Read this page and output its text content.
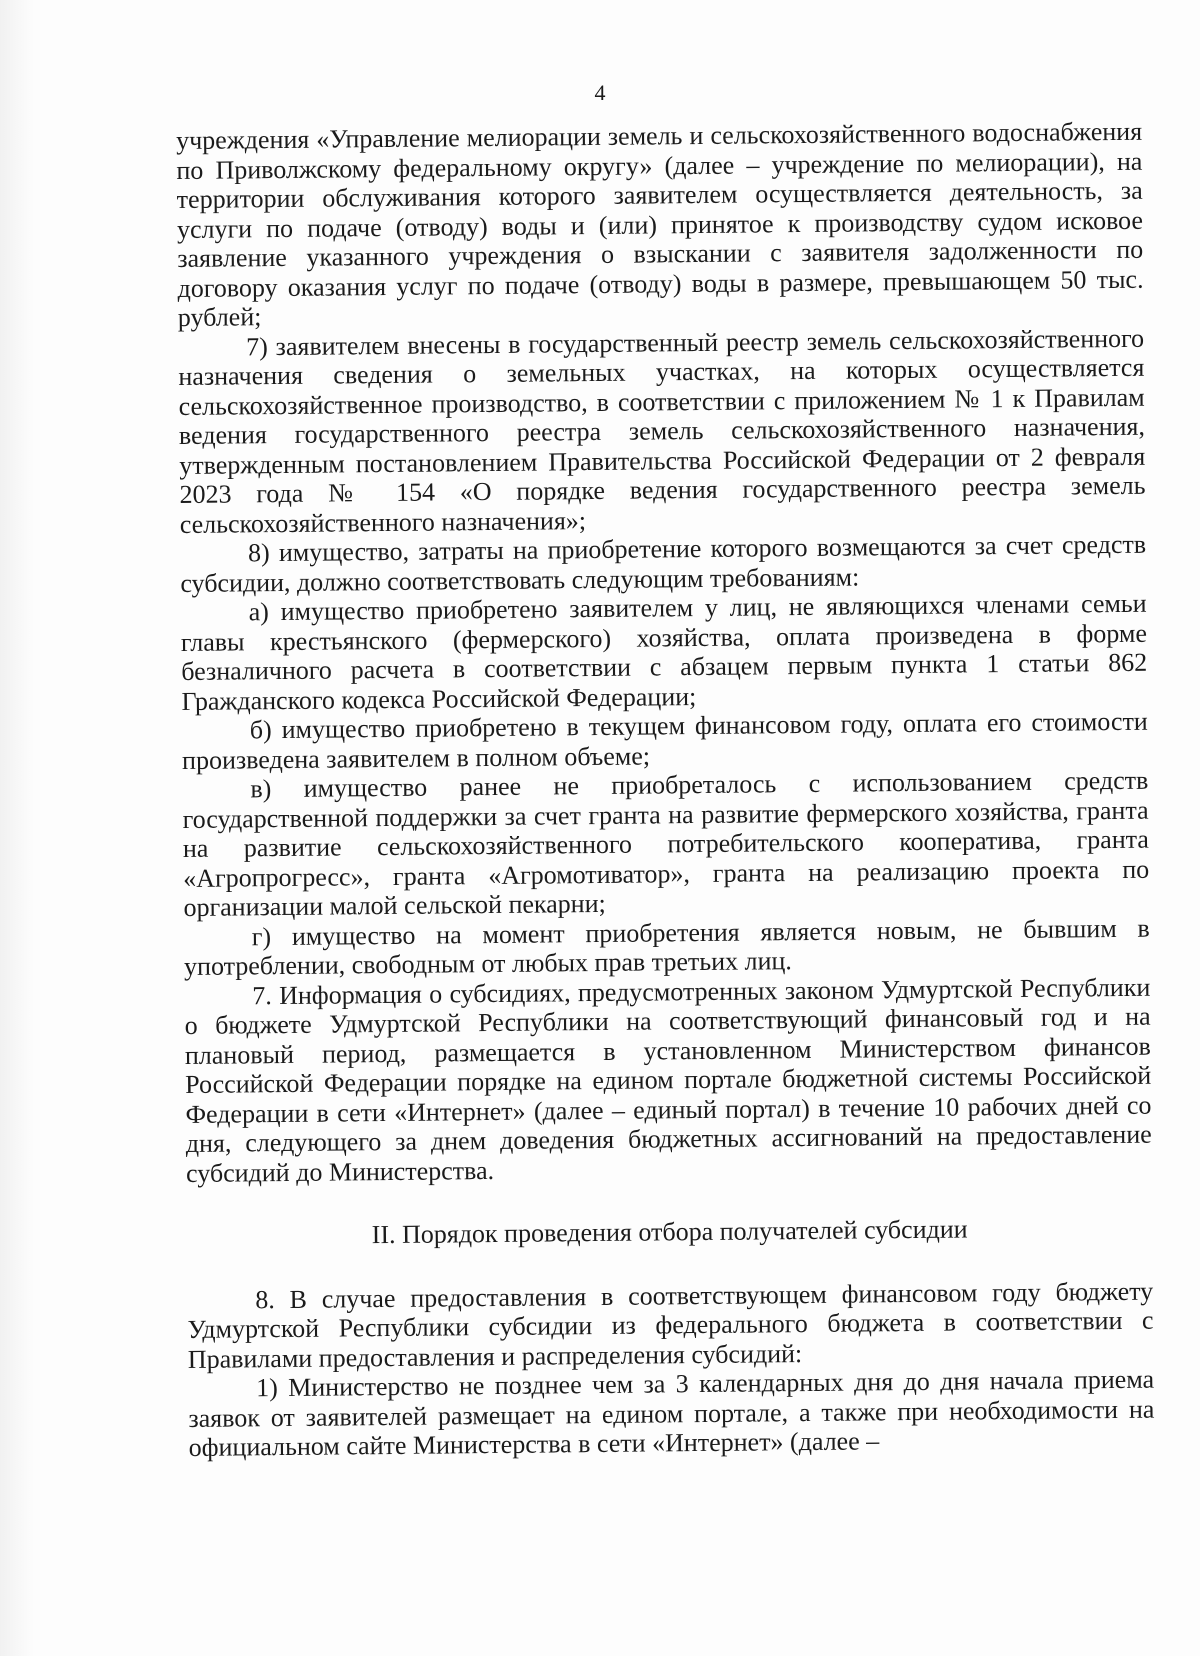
4

учреждения «Управление мелиорации земель и сельскохозяйственного водоснабжения по Приволжскому федеральному округу» (далее – учреждение по мелиорации), на территории обслуживания которого заявителем осуществляется деятельность, за услуги по подаче (отводу) воды и (или) принятое к производству судом исковое заявление указанного учреждения о взыскании с заявителя задолженности по договору оказания услуг по подаче (отводу) воды в размере, превышающем 50 тыс. рублей;

7) заявителем внесены в государственный реестр земель сельскохозяйственного назначения сведения о земельных участках, на которых осуществляется сельскохозяйственное производство, в соответствии с приложением № 1 к Правилам ведения государственного реестра земель сельскохозяйственного назначения, утвержденным постановлением Правительства Российской Федерации от 2 февраля 2023 года № 154 «О порядке ведения государственного реестра земель сельскохозяйственного назначения»;

8) имущество, затраты на приобретение которого возмещаются за счет средств субсидии, должно соответствовать следующим требованиям:

а) имущество приобретено заявителем у лиц, не являющихся членами семьи главы крестьянского (фермерского) хозяйства, оплата произведена в форме безналичного расчета в соответствии с абзацем первым пункта 1 статьи 862 Гражданского кодекса Российской Федерации;

б) имущество приобретено в текущем финансовом году, оплата его стоимости произведена заявителем в полном объеме;

в) имущество ранее не приобреталось с использованием средств государственной поддержки за счет гранта на развитие фермерского хозяйства, гранта на развитие сельскохозяйственного потребительского кооператива, гранта «Агропрогресс», гранта «Агромотиватор», гранта на реализацию проекта по организации малой сельской пекарни;

г) имущество на момент приобретения является новым, не бывшим в употреблении, свободным от любых прав третьих лиц.

7. Информация о субсидиях, предусмотренных законом Удмуртской Республики о бюджете Удмуртской Республики на соответствующий финансовый год и на плановый период, размещается в установленном Министерством финансов Российской Федерации порядке на едином портале бюджетной системы Российской Федерации в сети «Интернет» (далее – единый портал) в течение 10 рабочих дней со дня, следующего за днем доведения бюджетных ассигнований на предоставление субсидий до Министерства.

II. Порядок проведения отбора получателей субсидии

8. В случае предоставления в соответствующем финансовом году бюджету Удмуртской Республики субсидии из федерального бюджета в соответствии с Правилами предоставления и распределения субсидий:

1) Министерство не позднее чем за 3 календарных дня до дня начала приема заявок от заявителей размещает на едином портале, а также при необходимости на официальном сайте Министерства в сети «Интернет» (далее –
